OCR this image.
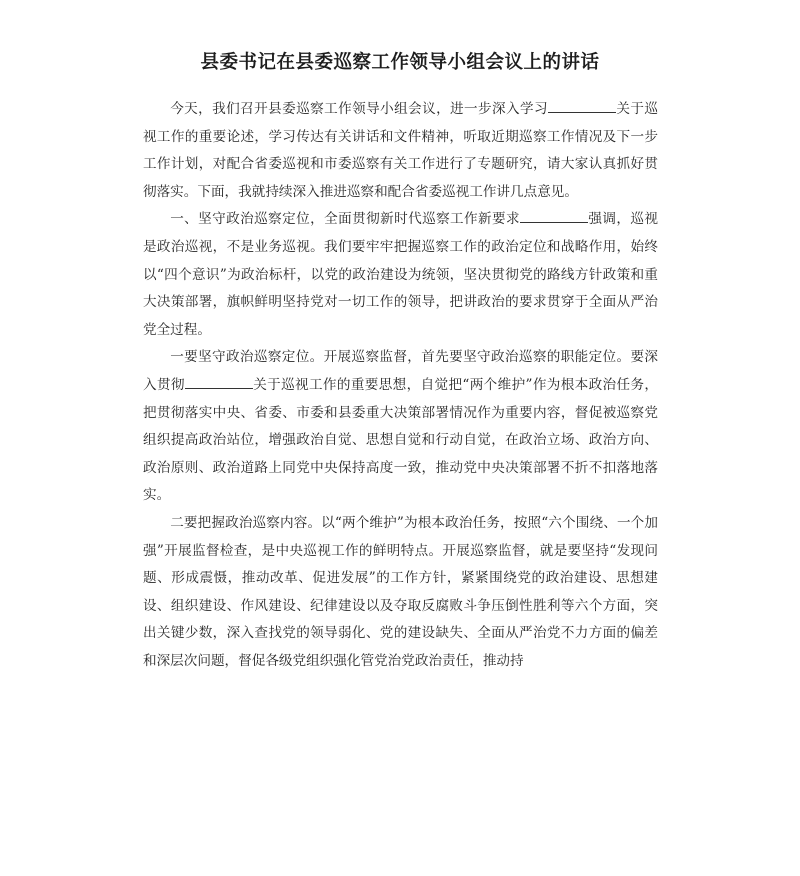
县委书记在县委巡察工作领导小组会议上的讲话

今天，我们召开县委巡察工作领导小组会议，进一步深入学习	关于巡视工作的重要论述，学习传达有关讲话和文件精神，听取近期巡察工作情况及下一步工作计划，对配合省委巡视和市委巡察有关工作进行了专题研究，请大家认真抓好贯彻落实。下面，我就持续深入推进巡察和配合省委巡视工作讲几点意见。

一、坚守政治巡察定位，全面贯彻新时代巡察工作新要求	强调，巡视是政治巡视，不是业务巡视。我们要牢牢把握巡察工作的政治定位和战略作用，始终以“四个意识”为政治标杆，以党的政治建设为统领，坚决贯彻党的路线方针政策和重大决策部署，旗帜鲜明坚持党对一切工作的领导，把讲政治的要求贯穿于全面从严治党全过程。

一要坚守政治巡察定位。开展巡察监督，首先要坚守政治巡察的职能定位。要深入贯彻	关于巡视工作的重要思想，自觉把“两个维护”作为根本政治任务，把贯彻落实中央、省委、市委和县委重大决策部署情况作为重要内容，督促被巡察党组织提高政治站位，增强政治自觉、思想自觉和行动自觉，在政治立场、政治方向、政治原则、政治道路上同党中央保持高度一致，推动党中央决策部署不折不扣落地落实。

二要把握政治巡察内容。以“两个维护”为根本政治任务，按照“六个围绕、一个加强”开展监督检查，是中央巡视工作的鲜明特点。开展巡察监督，就是要坚持“发现问题、形成震慑，推动改革、促进发展”的工作方针，紧紧围绕党的政治建设、思想建设、组织建设、作风建设、纪律建设以及夺取反腐败斗争压倒性胜利等六个方面，突出关键少数，深入查找党的领导弱化、党的建设缺失、全面从严治党不力方面的偏差和深层次问题，督促各级党组织强化管党治党政治责任，推动持
